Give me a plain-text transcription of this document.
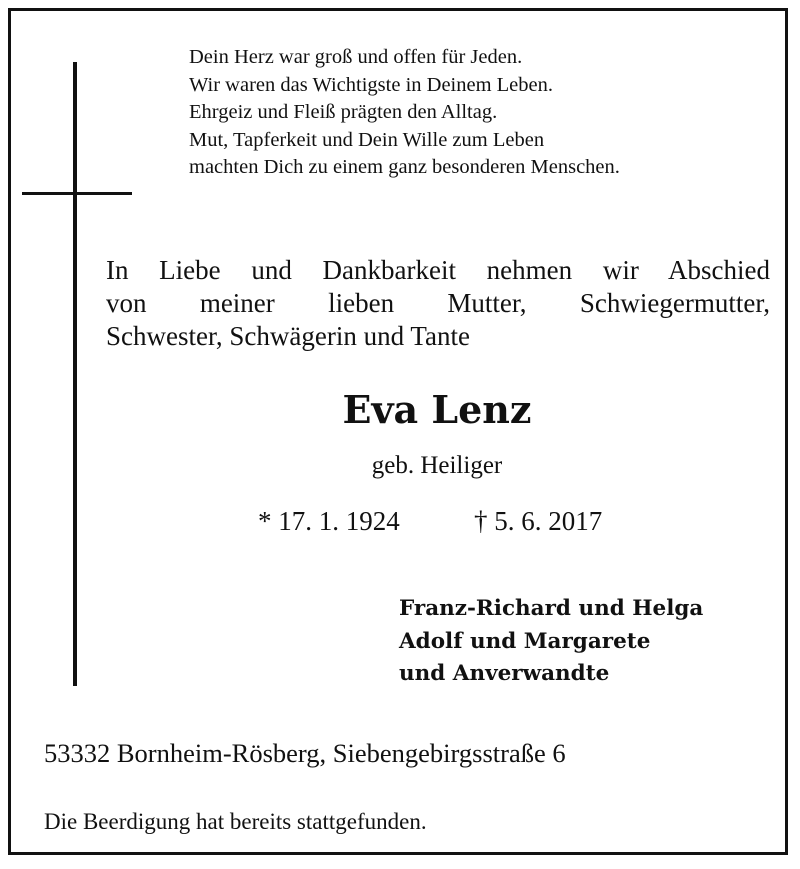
Dein Herz war groß und offen für Jeden.
Wir waren das Wichtigste in Deinem Leben.
Ehrgeiz und Fleiß prägten den Alltag.
Mut, Tapferkeit und Dein Wille zum Leben
machten Dich zu einem ganz besonderen Menschen.
In Liebe und Dankbarkeit nehmen wir Abschied
von meiner lieben Mutter, Schwiegermutter,
Schwester, Schwägerin und Tante
Eva Lenz
geb. Heiliger
* 17. 1. 1924	† 5. 6. 2017
Franz-Richard und Helga
Adolf und Margarete
und Anverwandte
53332 Bornheim-Rösberg, Siebengebirgsstraße 6
Die Beerdigung hat bereits stattgefunden.
